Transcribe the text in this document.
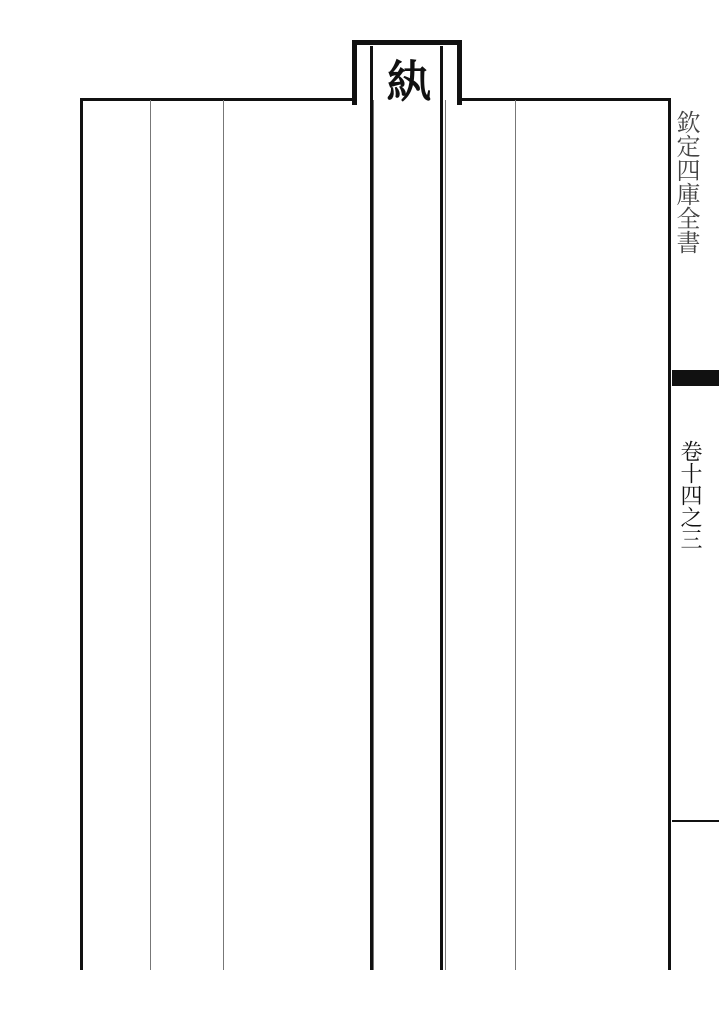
紈
欽定四庫全書
卷十四之三
